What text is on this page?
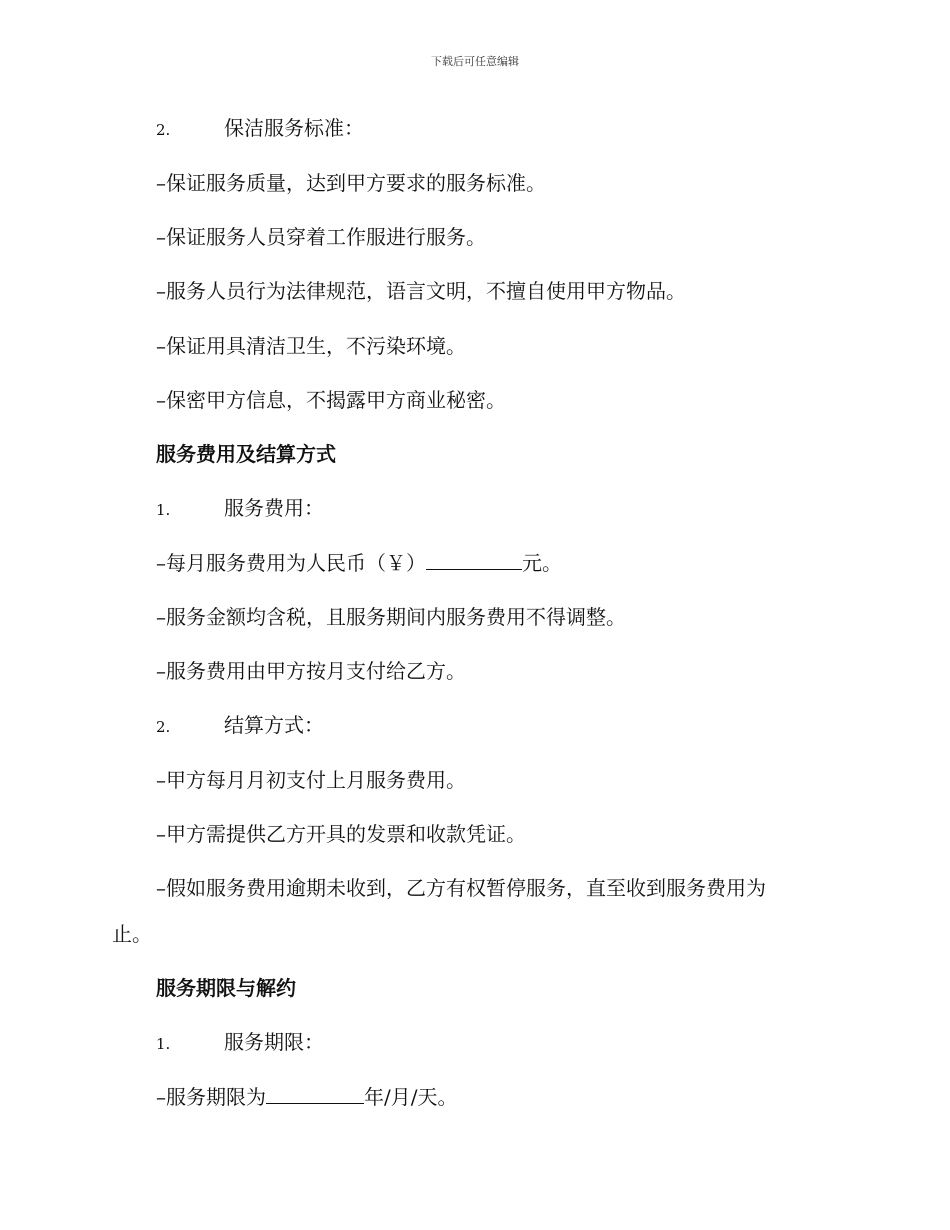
下载后可任意编辑
2.	保洁服务标准：
–保证服务质量，达到甲方要求的服务标准。
–保证服务人员穿着工作服进行服务。
–服务人员行为法律规范，语言文明，不擅自使用甲方物品。
–保证用具清洁卫生，不污染环境。
–保密甲方信息，不揭露甲方商业秘密。
服务费用及结算方式
1.	服务费用：
–每月服务费用为人民币（￥）	元。
–服务金额均含税，且服务期间内服务费用不得调整。
–服务费用由甲方按月支付给乙方。
2.	结算方式：
–甲方每月月初支付上月服务费用。
–甲方需提供乙方开具的发票和收款凭证。
–假如服务费用逾期未收到，乙方有权暂停服务，直至收到服务费用为
止。
服务期限与解约
1.	服务期限：
–服务期限为	年/月/天。
